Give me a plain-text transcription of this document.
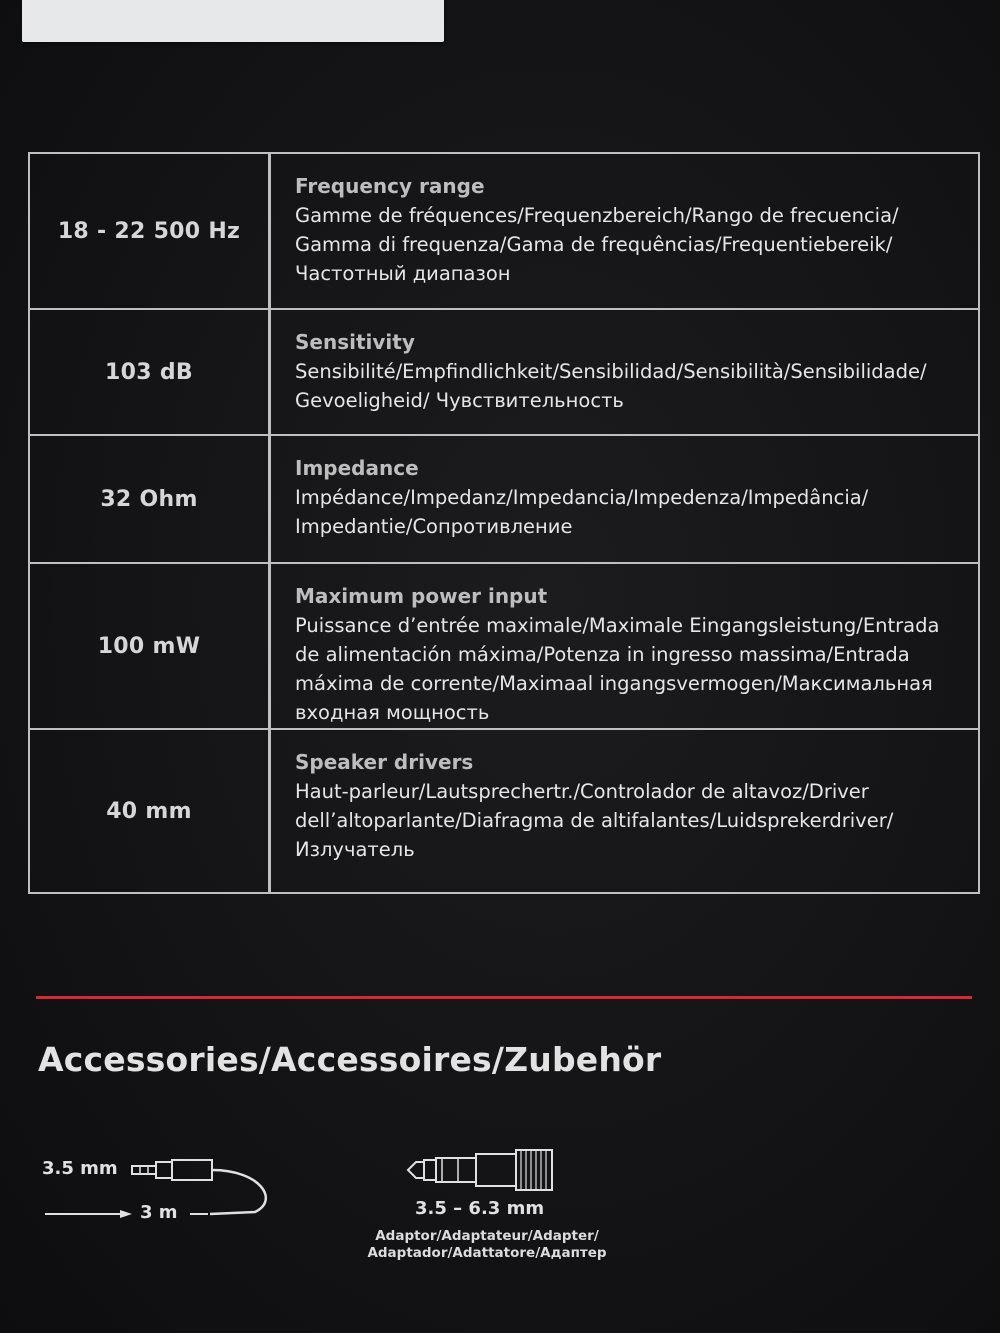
18 - 22 500 Hz
Frequency range
Gamme de fréquences/Frequenzbereich/Rango de frecuencia/
Gamma di frequenza/Gama de frequências/Frequentiebereik/
Частотный диапазон
103 dB
Sensitivity
Sensibilité/Empfindlichkeit/Sensibilidad/Sensibilità/Sensibilidade/
Gevoeligheid/ Чувствительность
32 Ohm
Impedance
Impédance/Impedanz/Impedancia/Impedenza/Impedância/
Impedantie/Сопротивление
100 mW
Maximum power input
Puissance d’entrée maximale/Maximale Eingangsleistung/Entrada
de alimentación máxima/Potenza in ingresso massima/Entrada
máxima de corrente/Maximaal ingangsvermogen/Максимальная
входная мощность
40 mm
Speaker drivers
Haut-parleur/Lautsprechertr./Controlador de altavoz/Driver
dell’altoparlante/Diafragma de altifalantes/Luidsprekerdriver/
Излучатель
Accessories/Accessoires/Zubehör
3.5 mm
3 m	3.5 – 6.3 mm
Adaptor/Adaptateur/Adapter/
Adaptador/Adattatore/Адаптер
